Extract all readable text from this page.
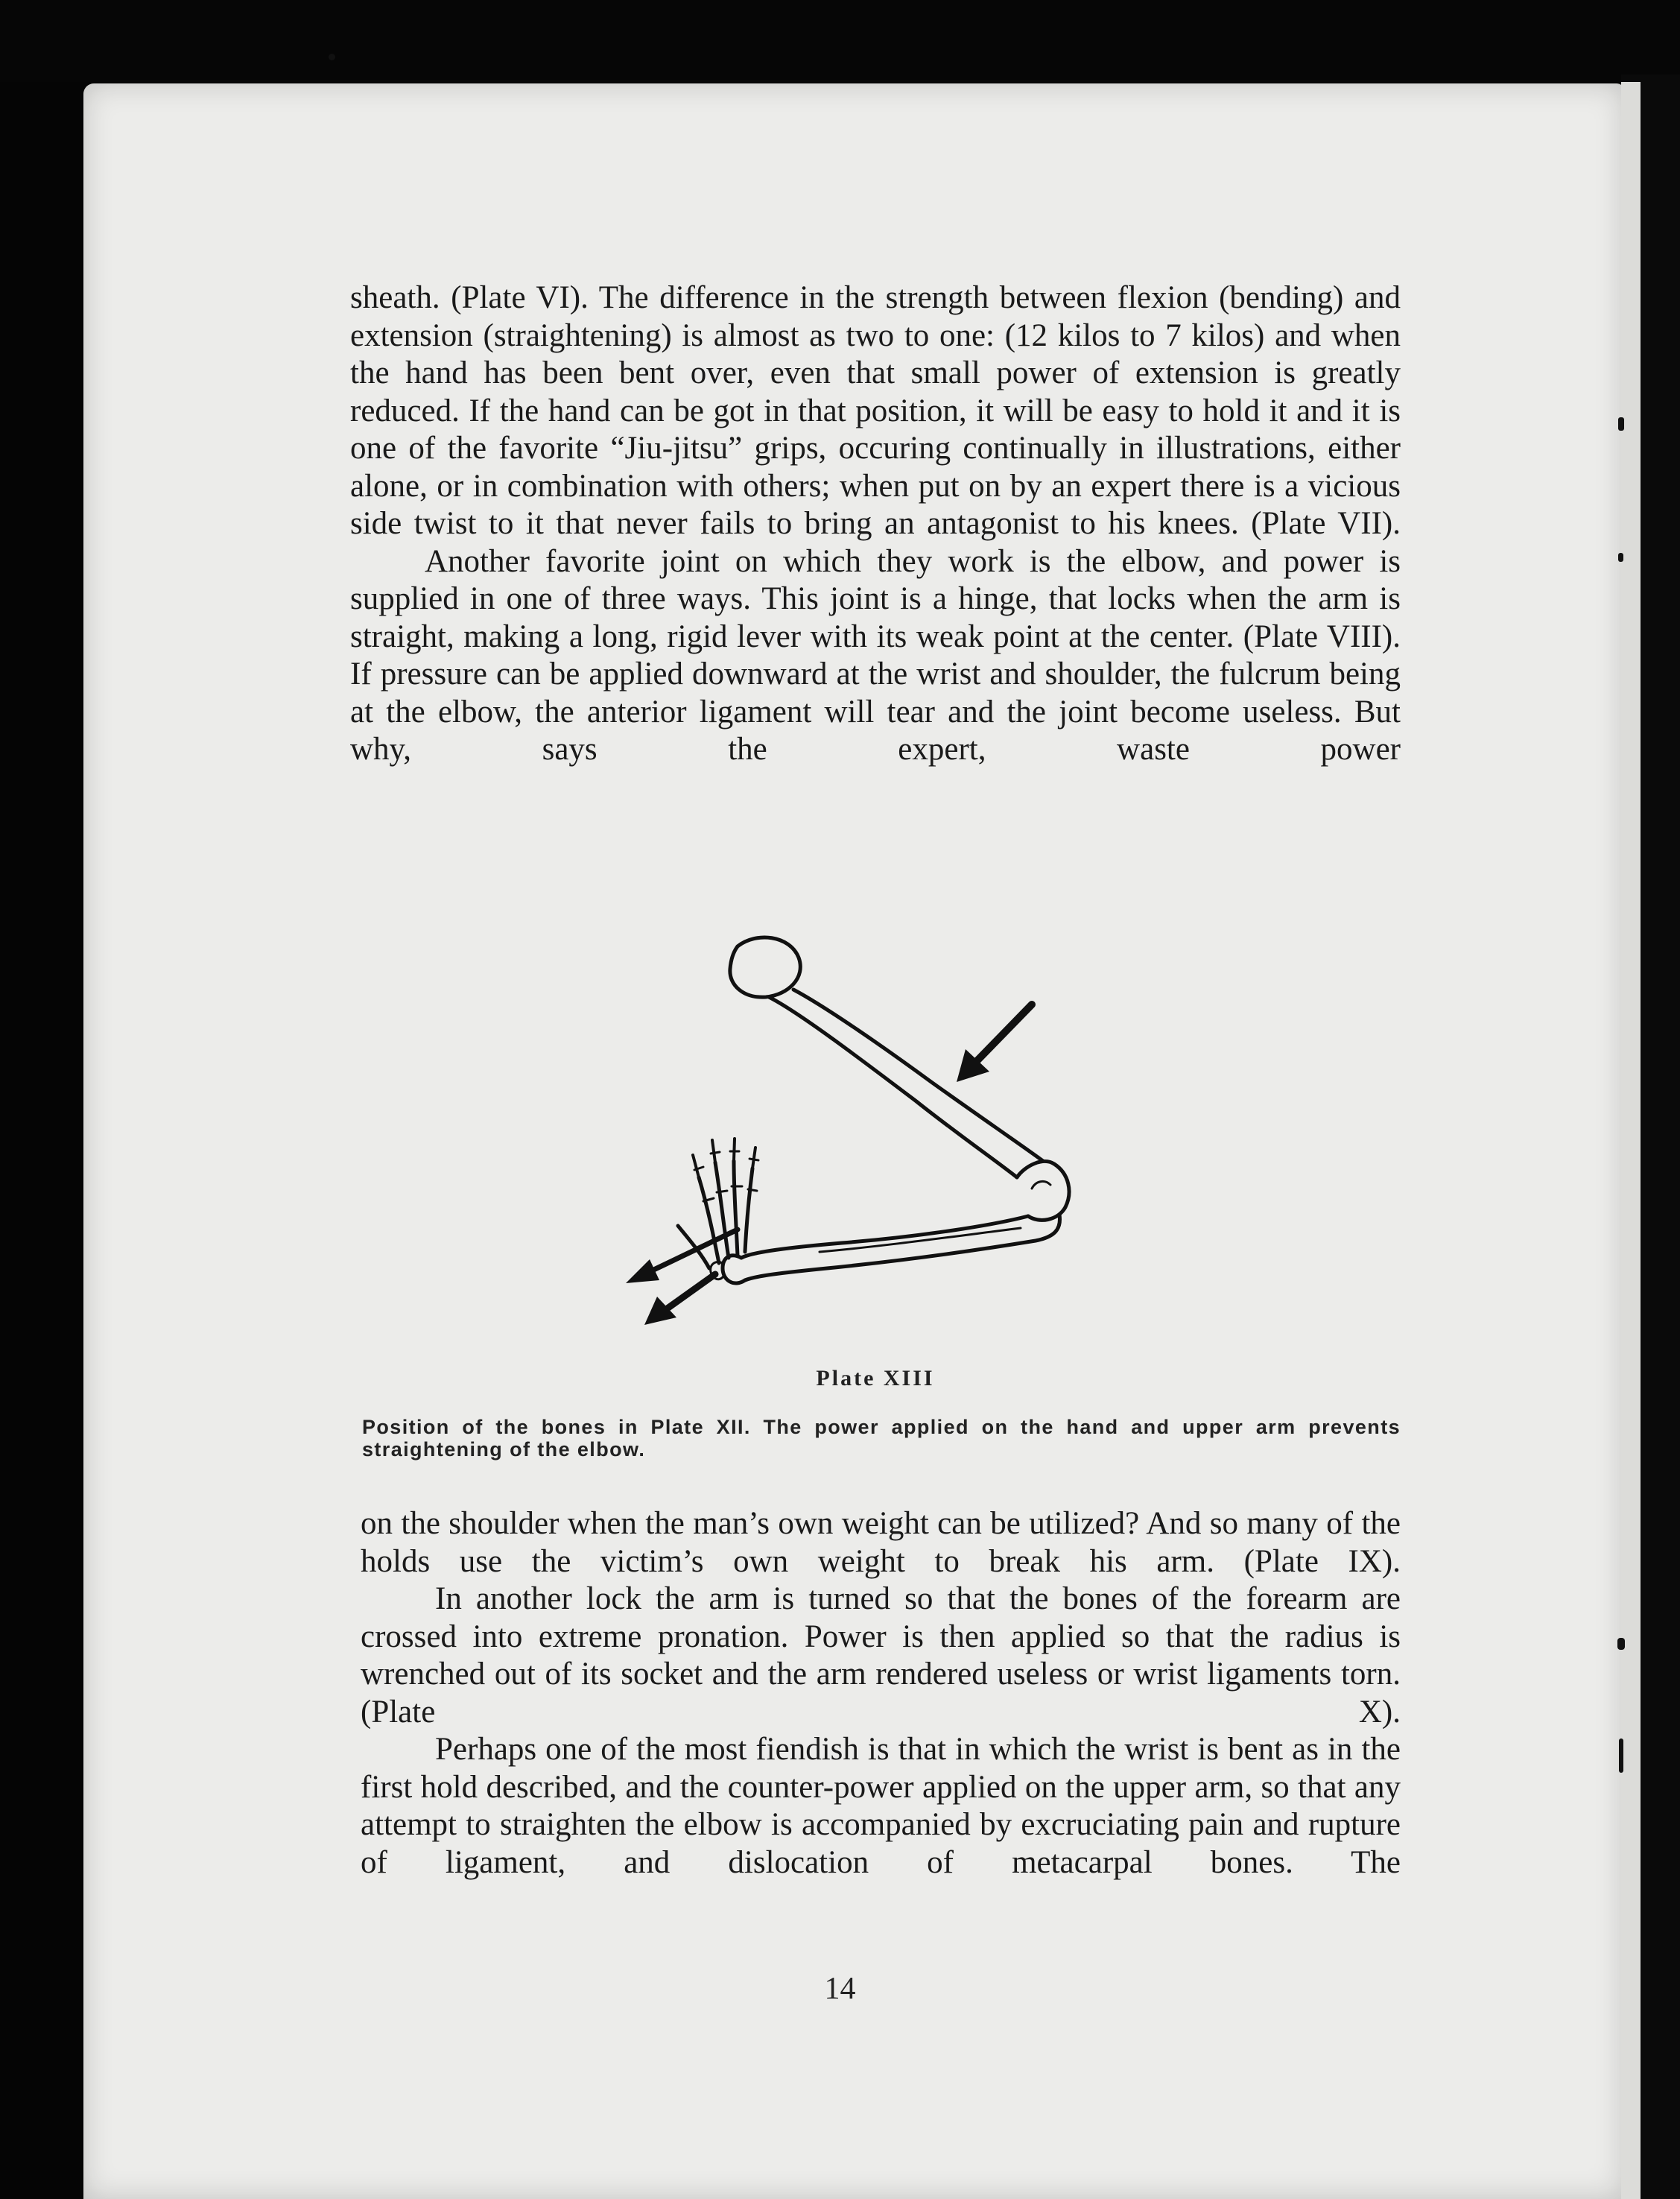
sheath. (Plate VI). The difference in the strength between flexion (bending) and extension (straightening) is almost as two to one: (12 kilos to 7 kilos) and when the hand has been bent over, even that small power of extension is greatly reduced. If the hand can be got in that position, it will be easy to hold it and it is one of the favorite “Jiu-jitsu” grips, occuring continually in illustrations, either alone, or in combination with others; when put on by an expert there is a vicious side twist to it that never fails to bring an antagonist to his knees. (Plate VII).

Another favorite joint on which they work is the elbow, and power is supplied in one of three ways. This joint is a hinge, that locks when the arm is straight, making a long, rigid lever with its weak point at the center. (Plate VIII). If pressure can be applied downward at the wrist and shoulder, the fulcrum being at the elbow, the anterior ligament will tear and the joint become useless. But why, says the expert, waste power

Plate XIII
Position of the bones in Plate XII. The power applied on the hand and upper arm prevents straightening of the elbow.

on the shoulder when the man’s own weight can be utilized? And so many of the holds use the victim’s own weight to break his arm. (Plate IX).

In another lock the arm is turned so that the bones of the forearm are crossed into extreme pronation. Power is then applied so that the radius is wrenched out of its socket and the arm rendered useless or wrist ligaments torn. (Plate X).

Perhaps one of the most fiendish is that in which the wrist is bent as in the first hold described, and the counter-power applied on the upper arm, so that any attempt to straighten the elbow is accompanied by excruciating pain and rupture of ligament, and dislocation of metacarpal bones. The

14
